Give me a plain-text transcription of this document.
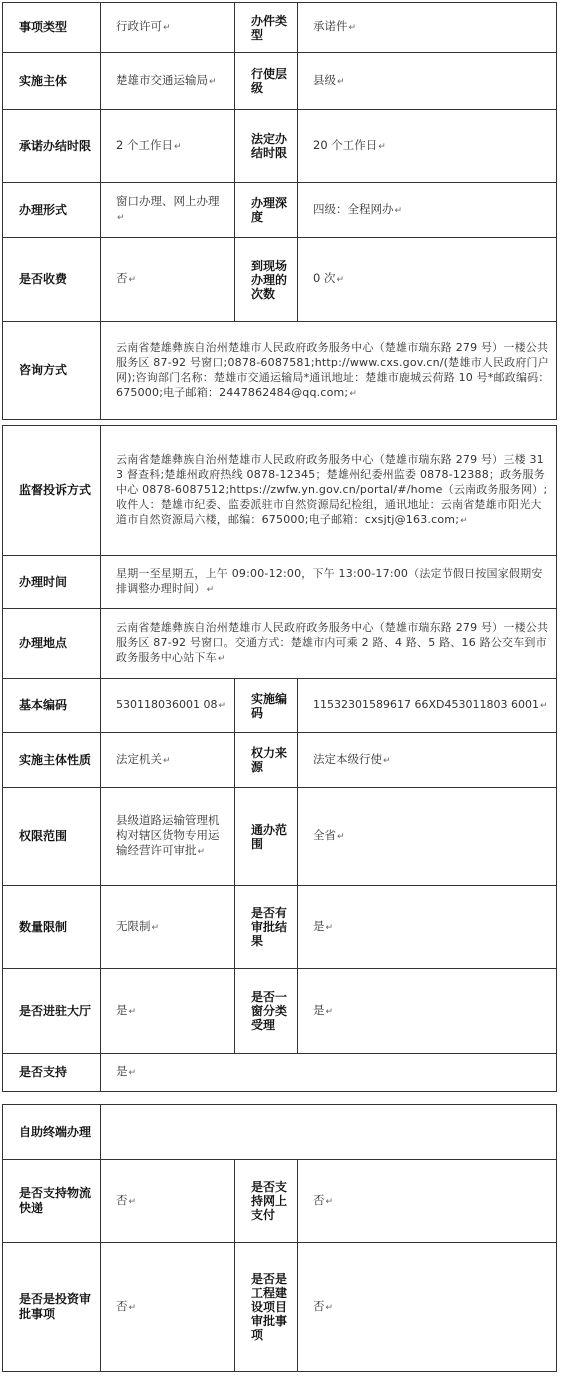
事项类型	行政许可 ↵	办件类型	承诺件 ↵
实施主体	楚雄市交通运输局 ↵	行使层级	县级 ↵
承诺办结时限	2 个工作日 ↵	法定办结时限	20 个工作日 ↵
办理形式	窗口办理、网上办理 ↵	办理深度	四级：全程网办 ↵
是否收费	否 ↵	到现场办理的次数	0 次 ↵
咨询方式	云南省楚雄彝族自治州楚雄市人民政府政务服务中心（楚雄市瑞东路 279 号）一楼公共服务区 87-92 号窗口;0878-6087581;http://www.cxs.gov.cn/(楚雄市人民政府门户网);咨询部门名称：楚雄市交通运输局*通讯地址：楚雄市鹿城云荷路 10 号*邮政编码：675000;电子邮箱：2447862484@qq.com; ↵
监督投诉方式	云南省楚雄彝族自治州楚雄市人民政府政务服务中心（楚雄市瑞东路 279 号）三楼 313 督查科;楚雄州政府热线 0878-12345；楚雄州纪委州监委 0878-12388；政务服务中心 0878-6087512;https://zwfw.yn.gov.cn/portal/#/home（云南政务服务网）;收件人：楚雄市纪委、监委派驻市自然资源局纪检组，通讯地址：云南省楚雄市阳光大道市自然资源局六楼，邮编：675000;电子邮箱：cxsjtj@163.com; ↵
办理时间	星期一至星期五，上午 09:00-12:00，下午 13:00-17:00（法定节假日按国家假期安排调整办理时间） ↵
办理地点	云南省楚雄彝族自治州楚雄市人民政府政务服务中心（楚雄市瑞东路 279 号）一楼公共服务区 87-92 号窗口。交通方式：楚雄市内可乘 2 路、4 路、5 路、16 路公交车到市政务服务中心站下车 ↵
基本编码	530118036001 08 ↵	实施编码	11532301589617 66XD453011803 6001 ↵
实施主体性质	法定机关 ↵	权力来源	法定本级行使 ↵
权限范围	县级道路运输管理机构对辖区货物专用运输经营许可审批 ↵	通办范围	全省 ↵
数量限制	无限制 ↵	是否有审批结果	是 ↵
是否进驻大厅	是 ↵	是否一窗分类受理	是 ↵
是否支持	是 ↵
自助终端办理			
是否支持物流快递	否 ↵	是否支持网上支付	否 ↵
是否是投资审批事项	否 ↵	是否是工程建设项目审批事项	否 ↵
